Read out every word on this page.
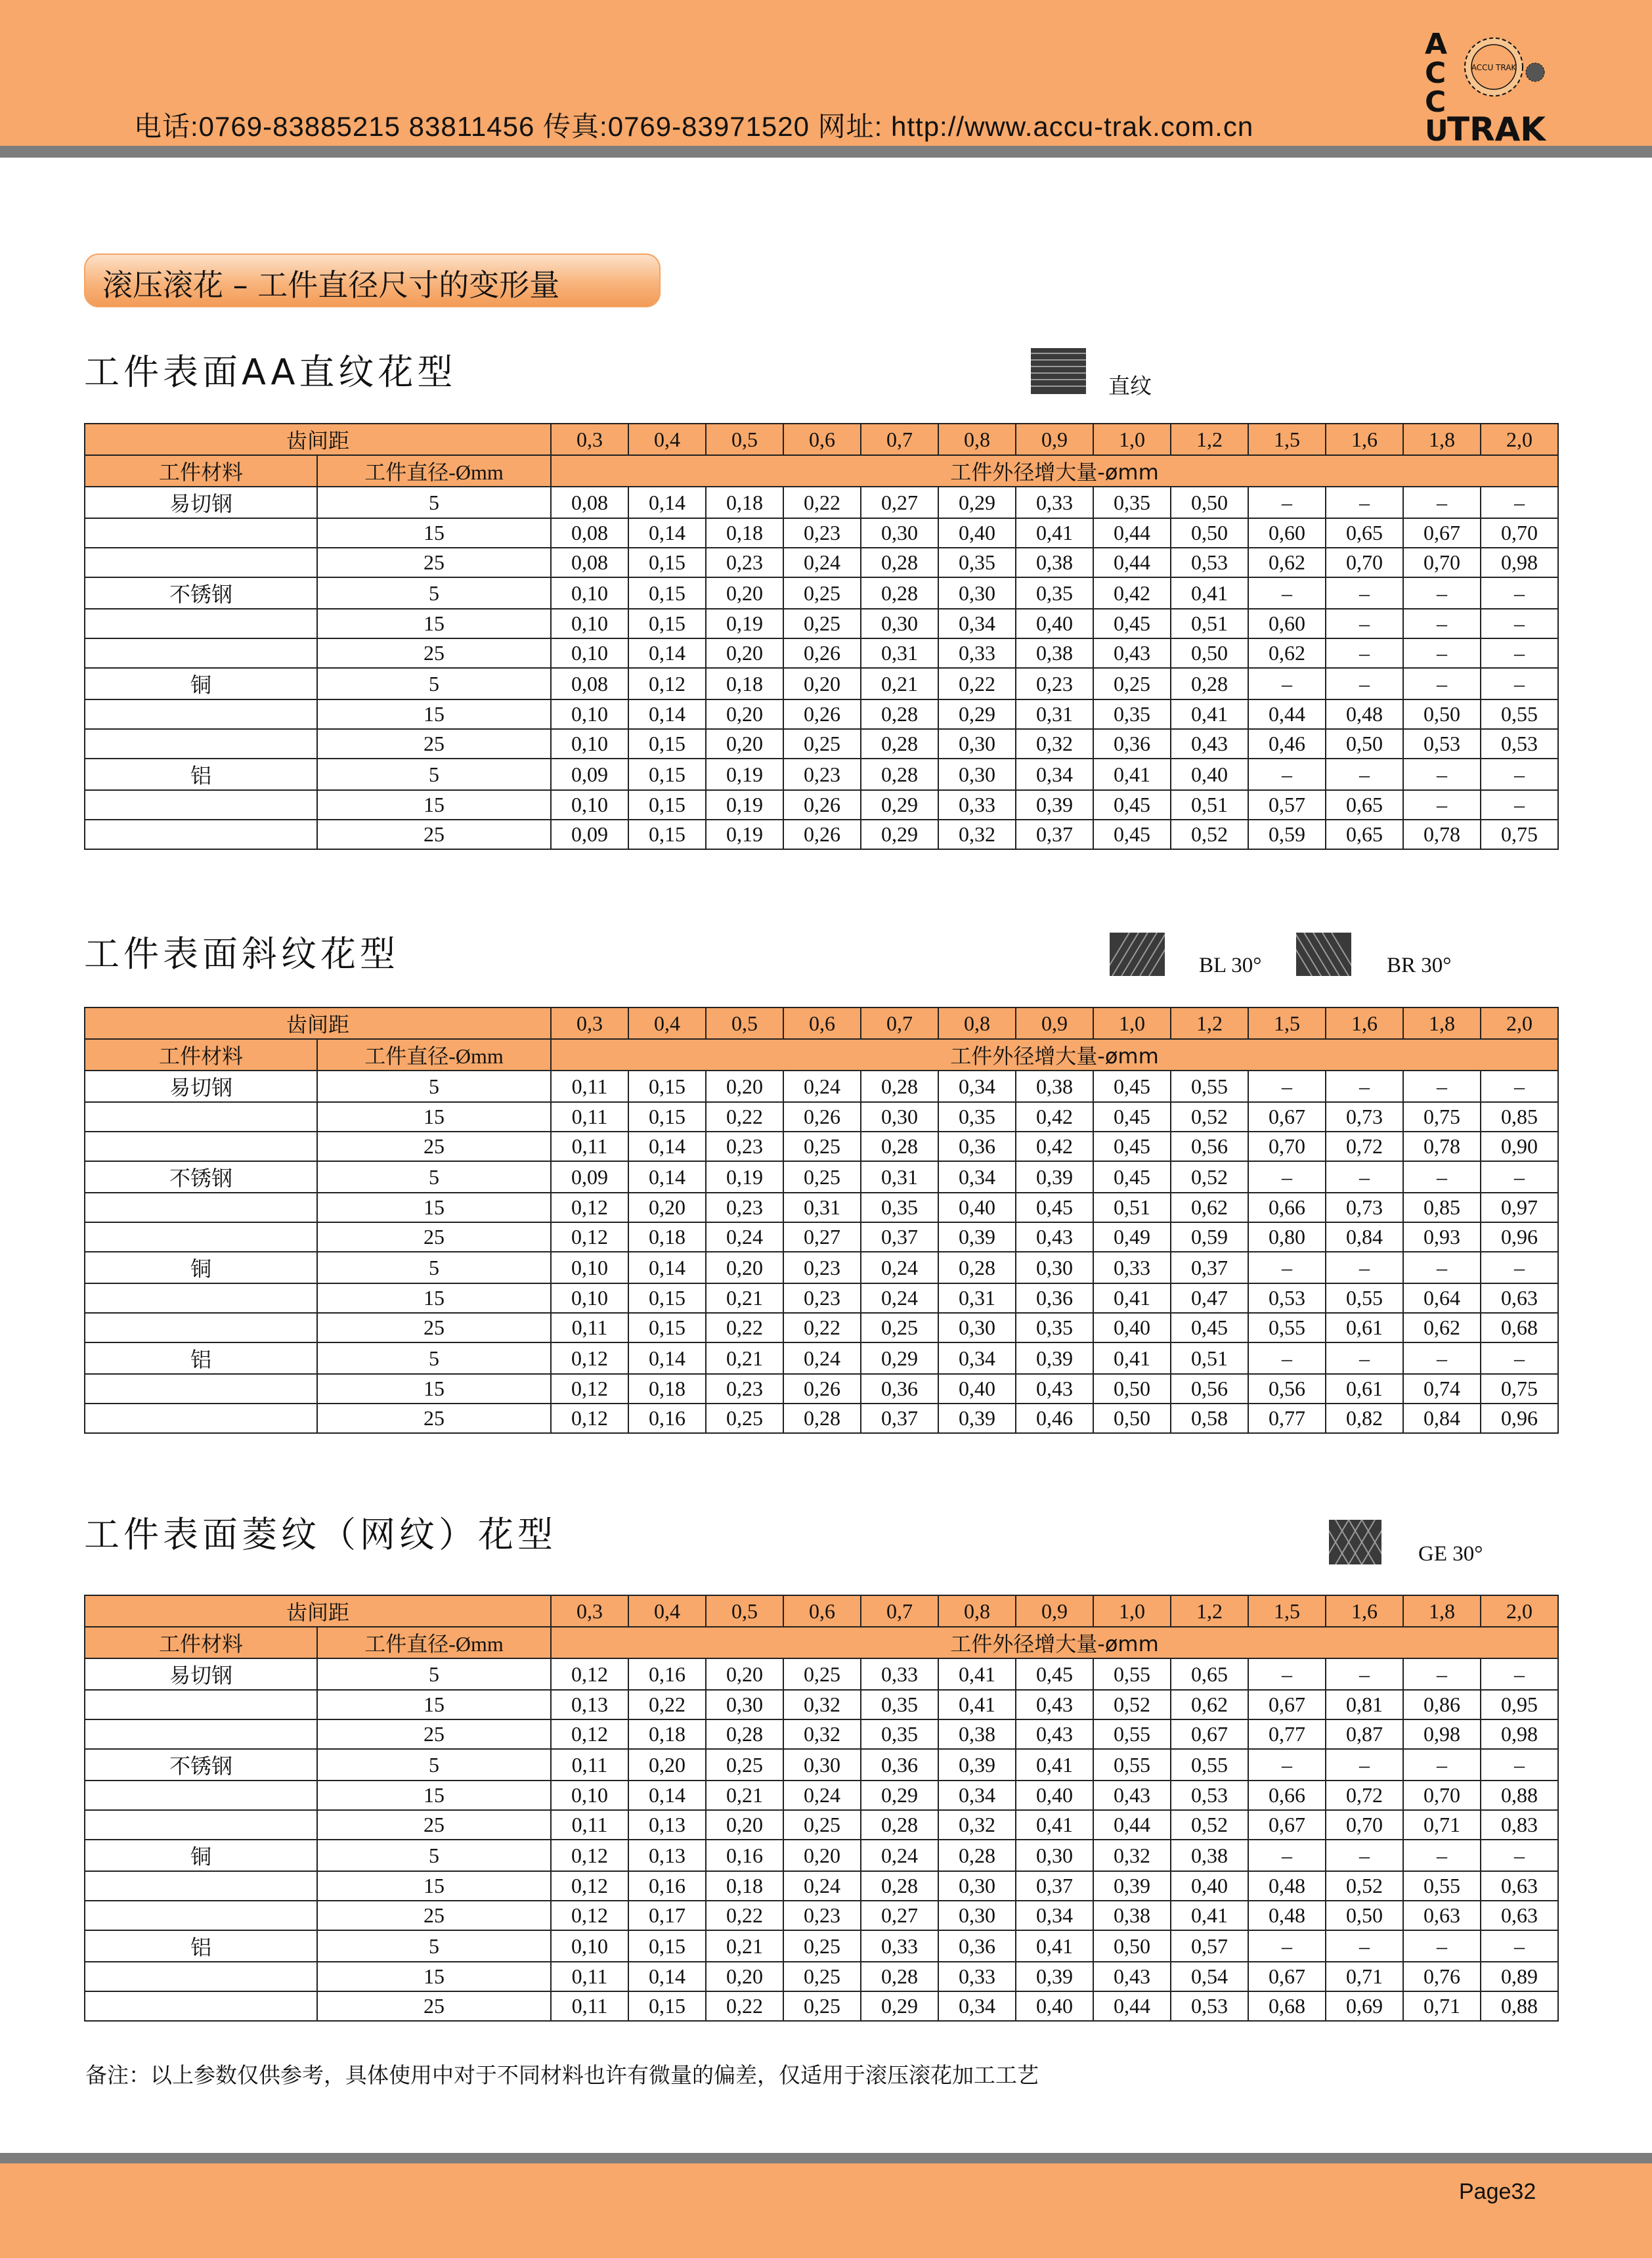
电话:0769-83885215 83811456 传真:0769-83971520 网址: http://www.accu-trak.com.cn
ACCU TRAK
A
C
C
U
TRAK
滚压滚花 – 工件直径尺寸的变形量
工件表面AA直纹花型	直纹
齿间距		0,3	0,4	0,5	0,6	0,7	0,8	0,9	1,0	1,2	1,5	1,6	1,8	2,0
工件材料	工件直径-Ømm	工件外径增大量-ømm												
易切钢	5	0,08	0,14	0,18	0,22	0,27	0,29	0,33	0,35	0,50	–	–	–	–
	15	0,08	0,14	0,18	0,23	0,30	0,40	0,41	0,44	0,50	0,60	0,65	0,67	0,70
	25	0,08	0,15	0,23	0,24	0,28	0,35	0,38	0,44	0,53	0,62	0,70	0,70	0,98
不锈钢	5	0,10	0,15	0,20	0,25	0,28	0,30	0,35	0,42	0,41	–	–	–	–
	15	0,10	0,15	0,19	0,25	0,30	0,34	0,40	0,45	0,51	0,60	–	–	–
	25	0,10	0,14	0,20	0,26	0,31	0,33	0,38	0,43	0,50	0,62	–	–	–
铜	5	0,08	0,12	0,18	0,20	0,21	0,22	0,23	0,25	0,28	–	–	–	–
	15	0,10	0,14	0,20	0,26	0,28	0,29	0,31	0,35	0,41	0,44	0,48	0,50	0,55
	25	0,10	0,15	0,20	0,25	0,28	0,30	0,32	0,36	0,43	0,46	0,50	0,53	0,53
铝	5	0,09	0,15	0,19	0,23	0,28	0,30	0,34	0,41	0,40	–	–	–	–
	15	0,10	0,15	0,19	0,26	0,29	0,33	0,39	0,45	0,51	0,57	0,65	–	–
	25	0,09	0,15	0,19	0,26	0,29	0,32	0,37	0,45	0,52	0,59	0,65	0,78	0,75
工件表面斜纹花型	BL 30°	BR 30°
齿间距		0,3	0,4	0,5	0,6	0,7	0,8	0,9	1,0	1,2	1,5	1,6	1,8	2,0
工件材料	工件直径-Ømm	工件外径增大量-ømm												
易切钢	5	0,11	0,15	0,20	0,24	0,28	0,34	0,38	0,45	0,55	–	–	–	–
	15	0,11	0,15	0,22	0,26	0,30	0,35	0,42	0,45	0,52	0,67	0,73	0,75	0,85
	25	0,11	0,14	0,23	0,25	0,28	0,36	0,42	0,45	0,56	0,70	0,72	0,78	0,90
不锈钢	5	0,09	0,14	0,19	0,25	0,31	0,34	0,39	0,45	0,52	–	–	–	–
	15	0,12	0,20	0,23	0,31	0,35	0,40	0,45	0,51	0,62	0,66	0,73	0,85	0,97
	25	0,12	0,18	0,24	0,27	0,37	0,39	0,43	0,49	0,59	0,80	0,84	0,93	0,96
铜	5	0,10	0,14	0,20	0,23	0,24	0,28	0,30	0,33	0,37	–	–	–	–
	15	0,10	0,15	0,21	0,23	0,24	0,31	0,36	0,41	0,47	0,53	0,55	0,64	0,63
	25	0,11	0,15	0,22	0,22	0,25	0,30	0,35	0,40	0,45	0,55	0,61	0,62	0,68
铝	5	0,12	0,14	0,21	0,24	0,29	0,34	0,39	0,41	0,51	–	–	–	–
	15	0,12	0,18	0,23	0,26	0,36	0,40	0,43	0,50	0,56	0,56	0,61	0,74	0,75
	25	0,12	0,16	0,25	0,28	0,37	0,39	0,46	0,50	0,58	0,77	0,82	0,84	0,96
工件表面菱纹（网纹）花型	GE 30°
齿间距		0,3	0,4	0,5	0,6	0,7	0,8	0,9	1,0	1,2	1,5	1,6	1,8	2,0
工件材料	工件直径-Ømm	工件外径增大量-ømm												
易切钢	5	0,12	0,16	0,20	0,25	0,33	0,41	0,45	0,55	0,65	–	–	–	–
	15	0,13	0,22	0,30	0,32	0,35	0,41	0,43	0,52	0,62	0,67	0,81	0,86	0,95
	25	0,12	0,18	0,28	0,32	0,35	0,38	0,43	0,55	0,67	0,77	0,87	0,98	0,98
不锈钢	5	0,11	0,20	0,25	0,30	0,36	0,39	0,41	0,55	0,55	–	–	–	–
	15	0,10	0,14	0,21	0,24	0,29	0,34	0,40	0,43	0,53	0,66	0,72	0,70	0,88
	25	0,11	0,13	0,20	0,25	0,28	0,32	0,41	0,44	0,52	0,67	0,70	0,71	0,83
铜	5	0,12	0,13	0,16	0,20	0,24	0,28	0,30	0,32	0,38	–	–	–	–
	15	0,12	0,16	0,18	0,24	0,28	0,30	0,37	0,39	0,40	0,48	0,52	0,55	0,63
	25	0,12	0,17	0,22	0,23	0,27	0,30	0,34	0,38	0,41	0,48	0,50	0,63	0,63
铝	5	0,10	0,15	0,21	0,25	0,33	0,36	0,41	0,50	0,57	–	–	–	–
	15	0,11	0,14	0,20	0,25	0,28	0,33	0,39	0,43	0,54	0,67	0,71	0,76	0,89
	25	0,11	0,15	0,22	0,25	0,29	0,34	0,40	0,44	0,53	0,68	0,69	0,71	0,88
备注：以上参数仅供参考，具体使用中对于不同材料也许有微量的偏差，仅适用于滚压滚花加工工艺
Page32
